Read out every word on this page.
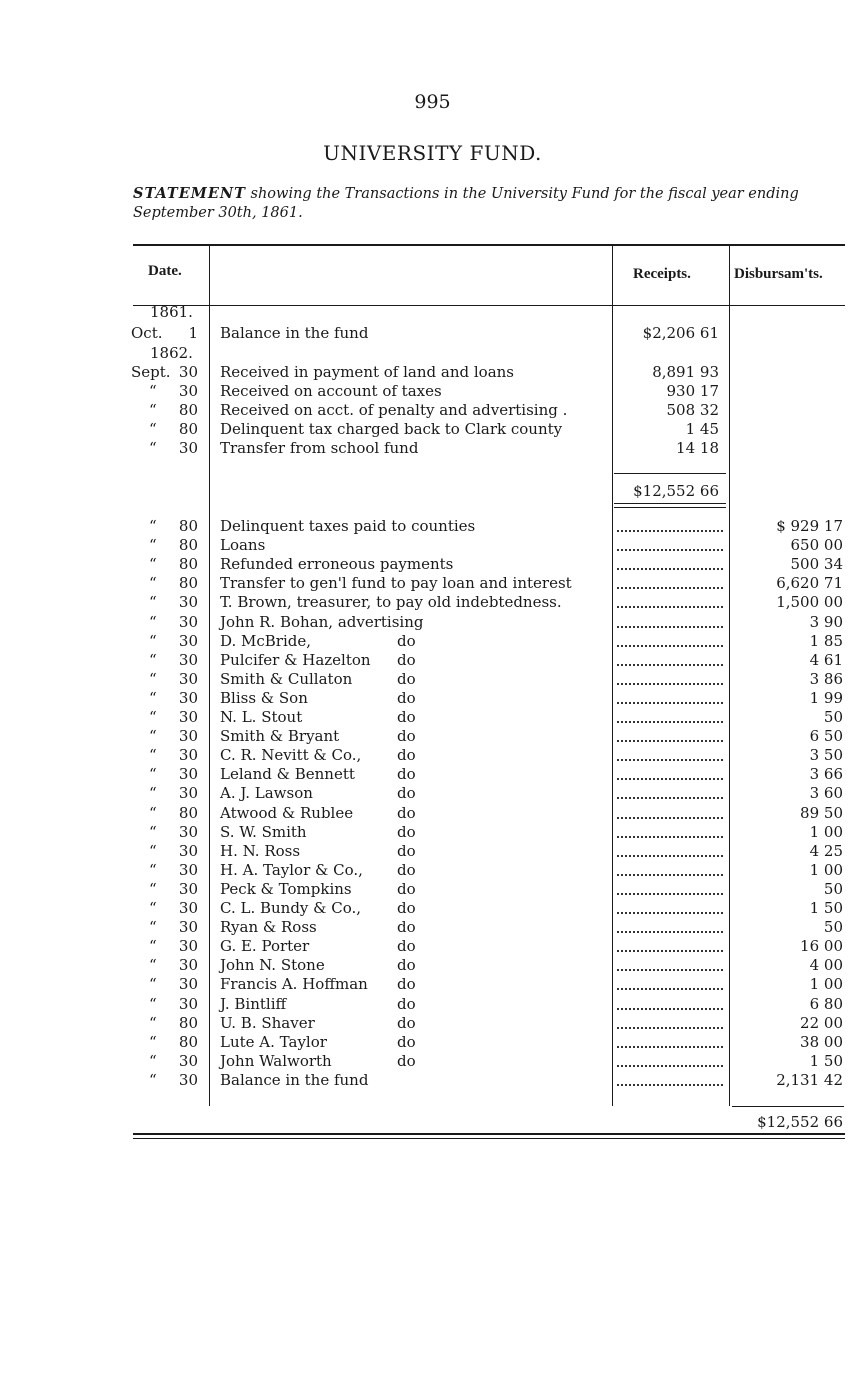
995
UNIVERSITY FUND.
STATEMENT showing the Transactions in the University Fund for the fiscal year ending September 30th, 1861.
Date.	Receipts.	Disbursam'ts.
1861.
1862.
Oct. 1 Balance in the fund	$2,206 61
Sept. 30 Received in payment of land and loans	8,891 93
“ 30 Received on account of taxes	930 17
“ 80 Received on acct. of penalty and advertising .	508 32
“ 80 Delinquent tax charged back to Clark county	1 45
“ 30 Transfer from school fund	14 18
$12,552 66
“ 80 Delinquent taxes paid to counties	$ 929 17
“ 80 Loans	650 00
“ 80 Refunded erroneous payments	500 34
“ 80 Transfer to gen'l fund to pay loan and interest	6,620 71
“ 30 T. Brown, treasurer, to pay old indebtedness.	1,500 00
“ 30 John R. Bohan, advertising	3 90
“ 30 D. McBride,	do	1 85
“ 30 Pulcifer & Hazelton do	4 61
“ 30 Smith & Cullaton	do	3 86
“ 30 Bliss & Son	do	1 99
“ 30 N. L. Stout	do	50
“ 30 Smith & Bryant	do	6 50
“ 30 C. R. Nevitt & Co., do	3 50
“ 30 Leland & Bennett	do	3 66
“ 30 A. J. Lawson	do	3 60
“ 80 Atwood & Rublee	do	89 50
“ 30 S. W. Smith	do	1 00
“ 30 H. N. Ross	do	4 25
“ 30 H. A. Taylor & Co., do	1 00
“ 30 Peck & Tompkins	do	50
“ 30 C. L. Bundy & Co., do	1 50
“ 30 Ryan & Ross	do	50
“ 30 G. E. Porter	do	16 00
“ 30 John N. Stone	do	4 00
“ 30 Francis A. Hoffman do	1 00
“ 30 J. Bintliff	do	6 80
“ 80 U. B. Shaver	do	22 00
“ 80 Lute A. Taylor	do	38 00
“ 30 John Walworth	do	1 50
“ 30 Balance in the fund	2,131 42
$12,552 66
